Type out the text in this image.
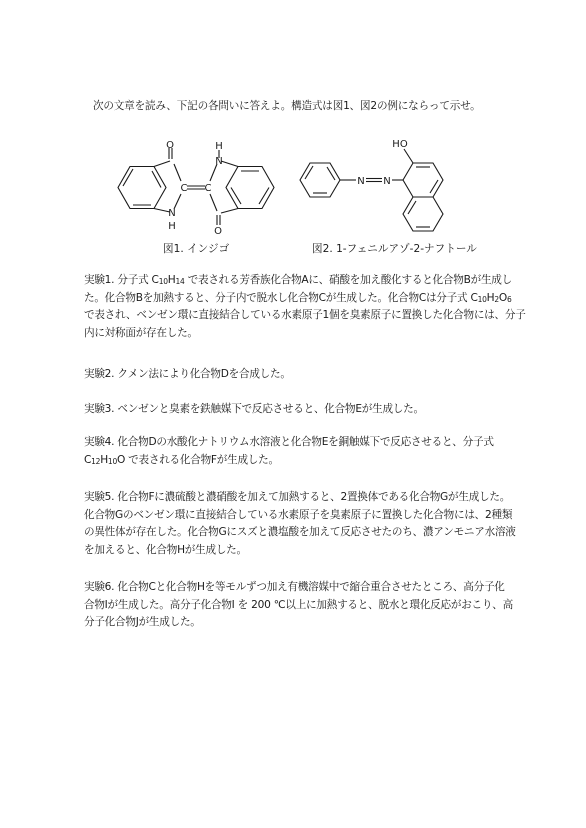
次の文章を読み、下記の各問いに答えよ。構造式は図1、図2の例にならって示せ。
O	H
N
C C
N
H	O
HO
N N
図1. インジゴ	図2. 1-フェニルアゾ-2-ナフトール
実験1. 分子式 $C_{10}H_{14}$ で表される芳香族化合物Aに、硝酸を加え酸化すると化合物Bが生成し
た。化合物Bを加熱すると、分子内で脱水し化合物Cが生成した。化合物Cは分子式 $C_{10}H_2O_6$
で表され、ベンゼン環に直接結合している水素原子1個を臭素原子に置換した化合物には、分子
内に対称面が存在した。
実験2. クメン法により化合物Dを合成した。
実験3. ベンゼンと臭素を鉄触媒下で反応させると、化合物Eが生成した。
実験4. 化合物Dの水酸化ナトリウム水溶液と化合物Eを銅触媒下で反応させると、分子式
$C_{12}H_{10}O$ で表される化合物Fが生成した。
実験5. 化合物Fに濃硫酸と濃硝酸を加えて加熱すると、2置換体である化合物Gが生成した。
化合物Gのベンゼン環に直接結合している水素原子を臭素原子に置換した化合物には、2種類
の異性体が存在した。化合物Gにスズと濃塩酸を加えて反応させたのち、濃アンモニア水溶液
を加えると、化合物Hが生成した。
実験6. 化合物Cと化合物Hを等モルずつ加え有機溶媒中で縮合重合させたところ、高分子化
合物Iが生成した。高分子化合物I を 200 ℃以上に加熱すると、脱水と環化反応がおこり、高
分子化合物Jが生成した。
